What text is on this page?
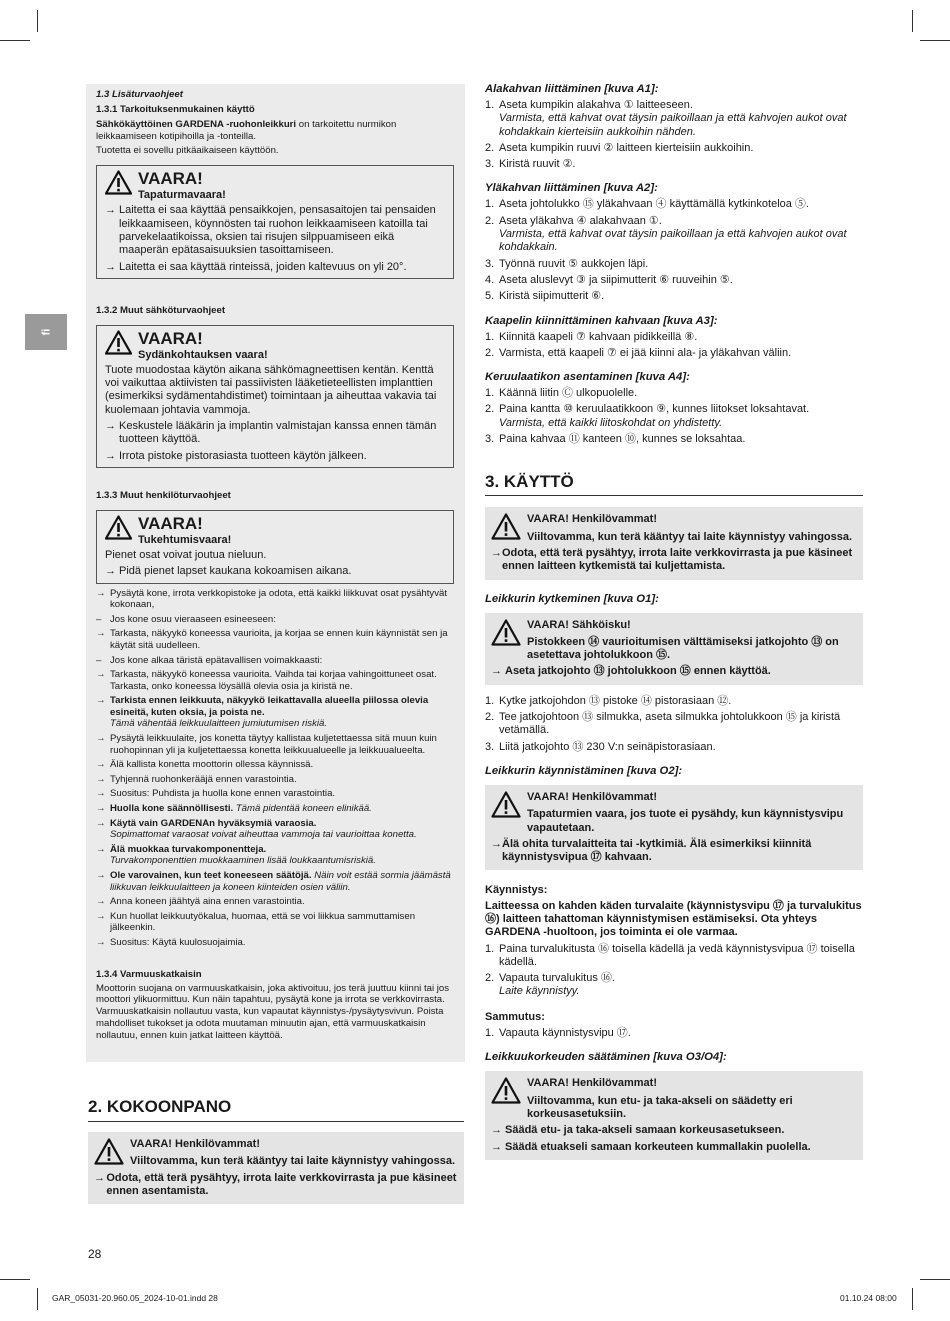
fi

1.3 Lisäturvaohjeet

1.3.1 Tarkoituksenmukainen käyttö

Sähkökäyttöinen GARDENA -ruohonleikkuri on tarkoitettu nurmikon leikkaamiseen kotipihoilla ja -tonteilla.

Tuotetta ei sovellu pitkäaikaiseen käyttöön.

VAARA!
Tapaturmavaara!
→ Laitetta ei saa käyttää pensaikkojen, pensasaitojen tai pensaiden leikkaamiseen, köynnösten tai ruohon leikkaamiseen katoilla tai parvekelaatikoissa, oksien tai risujen silppuamiseen eikä maaperän epätasaisuuksien tasoittamiseen.
→ Laitetta ei saa käyttää rinteissä, joiden kaltevuus on yli 20°.

1.3.2 Muut sähköturvaohjeet

VAARA!
Sydänkohtauksen vaara!
Tuote muodostaa käytön aikana sähkömagneettisen kentän. Kenttä voi vaikuttaa aktiivisten tai passiivisten lääketieteellisten implanttien (esimerkiksi sydämentahdistimet) toimintaan ja aiheuttaa vakavia tai kuolemaan johtavia vammoja.
→ Keskustele lääkärin ja implantin valmistajan kanssa ennen tämän tuotteen käyttöä.
→ Irrota pistoke pistorasiasta tuotteen käytön jälkeen.

1.3.3 Muut henkilöturvaohjeet

VAARA!
Tukehtumisvaara!
Pienet osat voivat joutua nieluun.
→ Pidä pienet lapset kaukana kokoamisen aikana.
→ Pysäytä kone, irrota verkkopistoke ja odota, että kaikki liikkuvat osat pysähtyvät kokonaan,
– Jos kone osuu vieraaseen esineeseen:
→ Tarkasta, näkyykö koneessa vaurioita, ja korjaa se ennen kuin käynnistät sen ja käytät sitä uudelleen.
– Jos kone alkaa täristä epätavallisen voimakkaasti:
→ Tarkasta, näkyykö koneessa vaurioita. Vaihda tai korjaa vahingoittuneet osat. Tarkasta, onko koneessa löysällä olevia osia ja kiristä ne.
→ Tarkista ennen leikkuuta, näkyykö leikattavalla alueella piilossa olevia esineitä, kuten oksia, ja poista ne.
Tämä vähentää leikkuulaitteen jumiutumisen riskiä.
→ Pysäytä leikkuulaite, jos konetta täytyy kallistaa kuljetettaessa sitä muun kuin ruohopinnan yli ja kuljetettaessa konetta leikkuualueelle ja leikkuualueelta.
→ Älä kallista konetta moottorin ollessa käynnissä.
→ Tyhjennä ruohonkerääjä ennen varastointia.
→ Suositus: Puhdista ja huolla kone ennen varastointia.
→ Huolla kone säännöllisesti. Tämä pidentää koneen elinikää.
→ Käytä vain GARDENAn hyväksymiä varaosia.
Sopimattomat varaosat voivat aiheuttaa vammoja tai vaurioittaa konetta.
→ Älä muokkaa turvakomponentteja.
Turvakomponenttien muokkaaminen lisää loukkaantumisriskiä.
→ Ole varovainen, kun teet koneeseen säätöjä. Näin voit estää sormia jäämästä liikkuvan leikkuulaitteen ja koneen kiinteiden osien väliin.
→ Anna koneen jäähtyä aina ennen varastointia.
→ Kun huollat leikkuutyökalua, huomaa, että se voi liikkua sammuttamisen jälkeenkin.
→ Suositus: Käytä kuulosuojaimia.

1.3.4 Varmuuskatkaisin

Moottorin suojana on varmuuskatkaisin, joka aktivoituu, jos terä juuttuu kiinni tai jos moottori ylikuormittuu. Kun näin tapahtuu, pysäytä kone ja irrota se verkkovirrasta. Varmuuskatkaisin nollautuu vasta, kun vapautat käynnistys-/pysäytysvivun. Poista mahdolliset tukokset ja odota muutaman minuutin ajan, että varmuuskatkaisin nollautuu, ennen kuin jatkat laitteen käyttöä.

2. KOKOONPANO
VAARA! Henkilövammat!
Viiltovamma, kun terä kääntyy tai laite käynnistyy vahingossa.
→ Odota, että terä pysähtyy, irrota laite verkkovirrasta ja pue käsineet ennen asentamista.

Alakahvan liittäminen [kuva A1]:

1. Aseta kumpikin alakahva ① laitteeseen.
Varmista, että kahvat ovat täysin paikoillaan ja että kahvojen aukot ovat kohdakkain kierteisiin aukkoihin nähden.
2. Aseta kumpikin ruuvi ② laitteen kierteisiin aukkoihin.
3. Kiristä ruuvit ②.

Yläkahvan liittäminen [kuva A2]:

1. Aseta johtolukko ⑮ yläkahvaan ④ käyttämällä kytkinkoteloa ⑤.
2. Aseta yläkahva ④ alakahvaan ①.
Varmista, että kahvat ovat täysin paikoillaan ja että kahvojen aukot ovat kohdakkain.
3. Työnnä ruuvit ⑤ aukkojen läpi.
4. Aseta aluslevyt ③ ja siipimutterit ⑥ ruuveihin ⑤.
5. Kiristä siipimutterit ⑥.

Kaapelin kiinnittäminen kahvaan [kuva A3]:

1. Kiinnitä kaapeli ⑦ kahvaan pidikkeillä ⑧.
2. Varmista, että kaapeli ⑦ ei jää kiinni ala- ja yläkahvan väliin.

Keruulaatikon asentaminen [kuva A4]:

1. Käännä liitin Ⓒ ulkopuolelle.
2. Paina kantta ⑩ keruulaatikkoon ⑨, kunnes liitokset loksahtavat.
Varmista, että kaikki liitoskohdat on yhdistetty.
3. Paina kahvaa ⑪ kanteen ⑩, kunnes se loksahtaa.
3. KÄYTTÖ
VAARA! Henkilövammat!
Viiltovamma, kun terä kääntyy tai laite käynnistyy vahingossa.
→ Odota, että terä pysähtyy, irrota laite verkkovirrasta ja pue käsineet ennen laitteen kytkemistä tai kuljettamista.

Leikkurin kytkeminen [kuva O1]:

VAARA! Sähköisku!
Pistokkeen ⑭ vaurioitumisen välttämiseksi jatkojohto ⑬ on asetettava johtolukkoon ⑮.
→ Aseta jatkojohto ⑬ johtolukkoon ⑮ ennen käyttöä.
1. Kytke jatkojohdon ⑬ pistoke ⑭ pistorasiaan ⑫.
2. Tee jatkojohtoon ⑬ silmukka, aseta silmukka johtolukkoon ⑮ ja kiristä vetämällä.
3. Liitä jatkojohto ⑬ 230 V:n seinäpistorasiaan.

Leikkurin käynnistäminen [kuva O2]:

VAARA! Henkilövammat!
Tapaturmien vaara, jos tuote ei pysähdy, kun käynnistysvipu vapautetaan.
→ Älä ohita turvalaitteita tai -kytkimiä. Älä esimerkiksi kiinnitä käynnistysvipua ⑰ kahvaan.

Käynnistys:

Laitteessa on kahden käden turvalaite (käynnistysvipu ⑰ ja turvalukitus ⑯) laitteen tahattoman käynnistymisen estämiseksi. Ota yhteys GARDENA -huoltoon, jos toiminta ei ole varmaa.

1. Paina turvalukitusta ⑯ toisella kädellä ja vedä käynnistysvipua ⑰ toisella kädellä.
2. Vapauta turvalukitus ⑯.
Laite käynnistyy.

Sammutus:

1. Vapauta käynnistysvipu ⑰.

Leikkuukorkeuden säätäminen [kuva O3/O4]:

VAARA! Henkilövammat!
Viiltovamma, kun etu- ja taka-akseli on säädetty eri korkeusasetuksiin.
→ Säädä etu- ja taka-akseli samaan korkeusasetukseen.
→ Säädä etuakseli samaan korkeuteen kummallakin puolella.
28
GAR_05031-20.960.05_2024-10-01.indd 28	01.10.24 08:00
